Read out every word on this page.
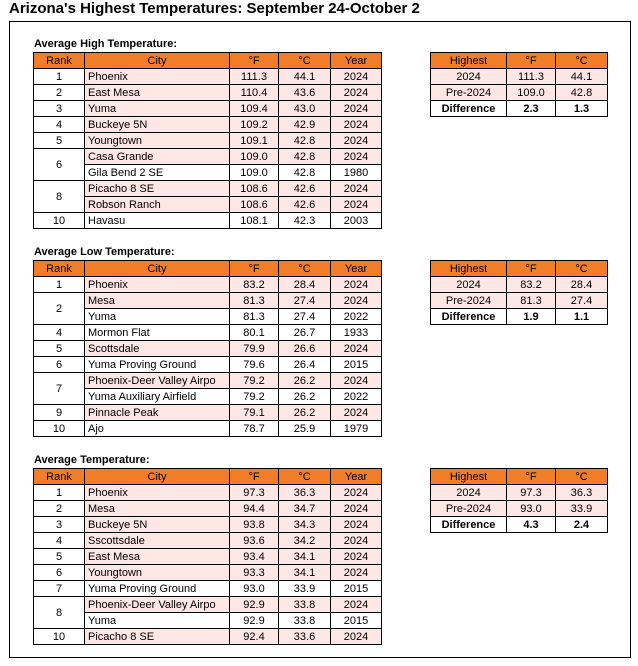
Arizona's Highest Temperatures: September 24-October 2
Average High Temperature:
Rank	City	°F	°C	Year
1	Phoenix	111.3	44.1	2024
2	East Mesa	110.4	43.6	2024
3	Yuma	109.4	43.0	2024
4	Buckeye 5N	109.2	42.9	2024
5	Youngtown	109.1	42.8	2024
6	Casa Grande	109.0	42.8	2024
	Gila Bend 2 SE	109.0	42.8	1980
8	Picacho 8 SE	108.6	42.6	2024
	Robson Ranch	108.6	42.6	2024
10	Havasu	108.1	42.3	2003
Highest	°F	°C
2024	111.3	44.1
Pre-2024	109.0	42.8
Difference	2.3	1.3
Average Low Temperature:
Rank	City	°F	°C	Year
1	Phoenix	83.2	28.4	2024
2	Mesa	81.3	27.4	2024
	Yuma	81.3	27.4	2022
4	Mormon Flat	80.1	26.7	1933
5	Scottsdale	79.9	26.6	2024
6	Yuma Proving Ground	79.6	26.4	2015
7	Phoenix-Deer Valley Airpo	79.2	26.2	2024
	Yuma Auxiliary Airfield	79.2	26.2	2022
9	Pinnacle Peak	79.1	26.2	2024
10	Ajo	78.7	25.9	1979
Highest	°F	°C
2024	83.2	28.4
Pre-2024	81.3	27.4
Difference	1.9	1.1
Average Temperature:
Rank	City	°F	°C	Year
1	Phoenix	97.3	36.3	2024
2	Mesa	94.4	34.7	2024
3	Buckeye 5N	93.8	34.3	2024
4	Sscottsdale	93.6	34.2	2024
5	East Mesa	93.4	34.1	2024
6	Youngtown	93.3	34.1	2024
7	Yuma Proving Ground	93.0	33.9	2015
8	Phoenix-Deer Valley Airpo	92.9	33.8	2024
	Yuma	92.9	33.8	2015
10	Picacho 8 SE	92.4	33.6	2024
Highest	°F	°C
2024	97.3	36.3
Pre-2024	93.0	33.9
Difference	4.3	2.4
